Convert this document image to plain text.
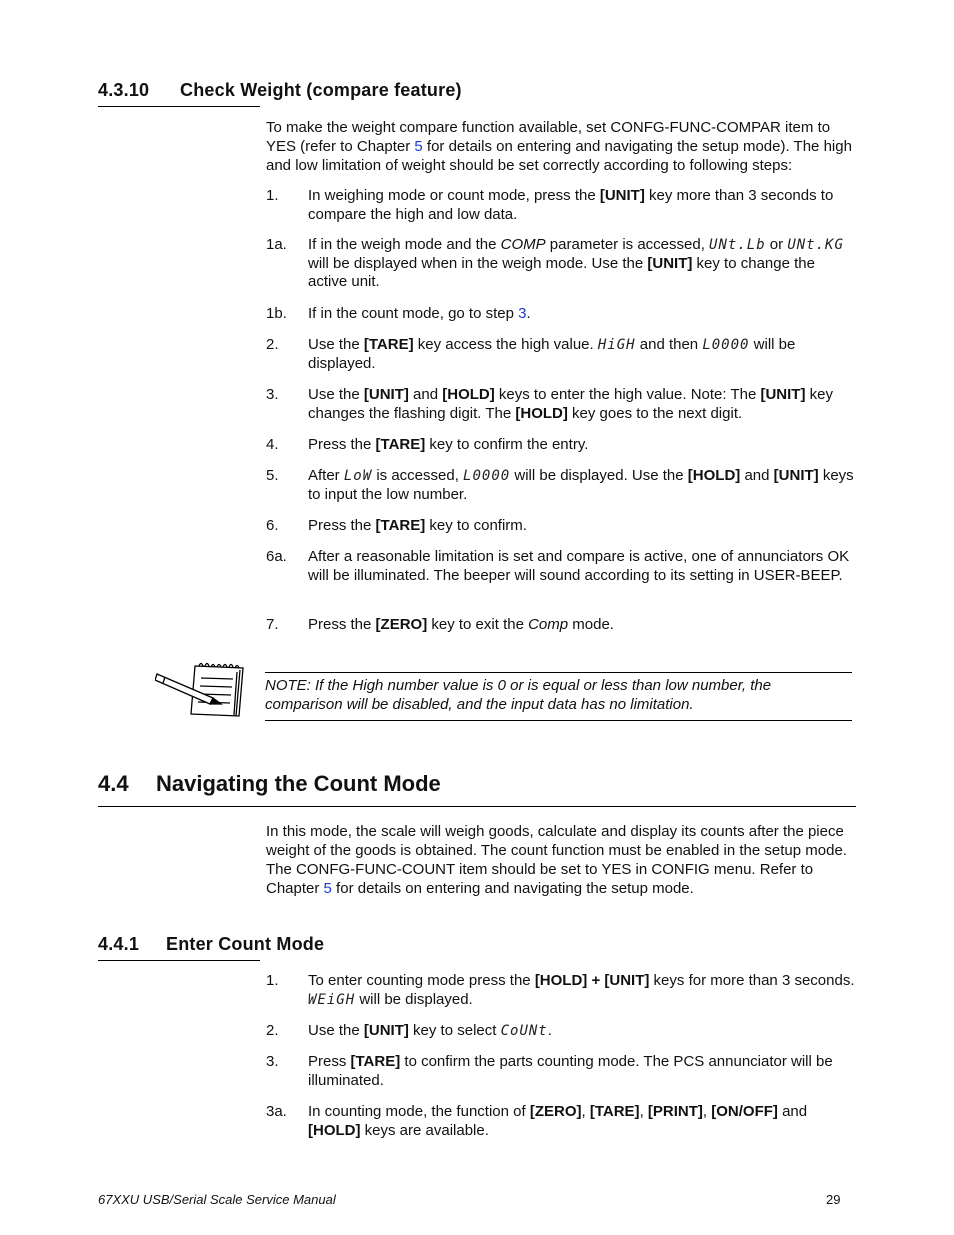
4.3.10 Check Weight (compare feature)

To make the weight compare function available, set CONFG-FUNC-COMPAR item to YES (refer to Chapter 5 for details on entering and navigating the setup mode). The high and low limitation of weight should be set correctly according to following steps:

1. In weighing mode or count mode, press the [UNIT] key more than 3 seconds to compare the high and low data.
1a. If in the weigh mode and the COMP parameter is accessed, UNt.Lb or UNt.KG will be displayed when in the weigh mode. Use the [UNIT] key to change the active unit.
1b. If in the count mode, go to step 3.
2. Use the [TARE] key access the high value. HiGH and then L0000 will be displayed.
3. Use the [UNIT] and [HOLD] keys to enter the high value. Note: The [UNIT] key changes the flashing digit. The [HOLD] key goes to the next digit.
4. Press the [TARE] key to confirm the entry.
5. After LoW is accessed, L0000 will be displayed. Use the [HOLD] and [UNIT] keys to input the low number.
6. Press the [TARE] key to confirm.
6a. After a reasonable limitation is set and compare is active, one of annunciators OK will be illuminated. The beeper will sound according to its setting in USER-BEEP.
7. Press the [ZERO] key to exit the Comp mode.
NOTE: If the High number value is 0 or is equal or less than low number, the comparison will be disabled, and the input data has no limitation.
4.4 Navigating the Count Mode

In this mode, the scale will weigh goods, calculate and display its counts after the piece weight of the goods is obtained. The count function must be enabled in the setup mode. The CONFG-FUNC-COUNT item should be set to YES in CONFIG menu. Refer to Chapter 5 for details on entering and navigating the setup mode.

4.4.1 Enter Count Mode
1. To enter counting mode press the [HOLD] + [UNIT] keys for more than 3 seconds. WEiGH will be displayed.
2. Use the [UNIT] key to select CoUNt.
3. Press [TARE] to confirm the parts counting mode. The PCS annunciator will be illuminated.
3a. In counting mode, the function of [ZERO], [TARE], [PRINT], [ON/OFF] and [HOLD] keys are available.
67XXU USB/Serial Scale Service Manual	29
